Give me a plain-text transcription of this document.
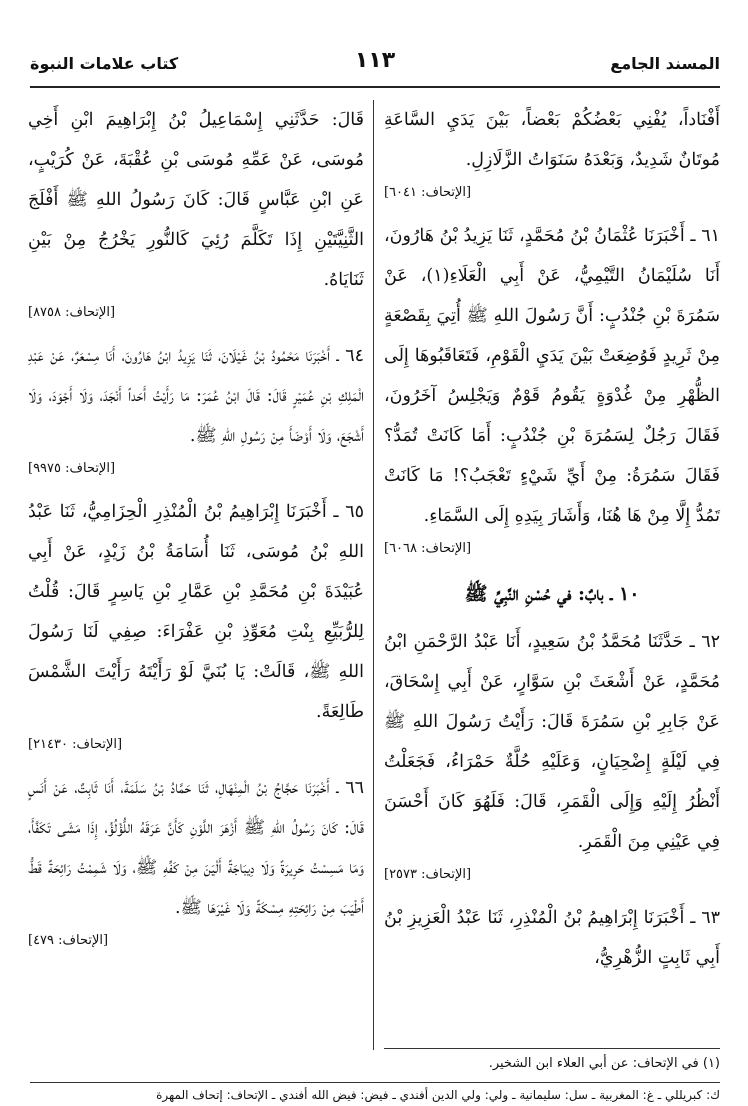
المسند الجامع
١١٣
كتاب علامات النبوة

أَفْنَاداً، يُفْنِي بَعْضُكُمْ بَعْضاً، بَيْنَ يَدَيِ السَّاعَةِ مُوتَانٌ شَدِيدٌ، وَبَعْدَهُ سَنَوَاتُ الزَّلَازِلِ.

[الإتحاف: ٦٠٤١]

٦١ ـ أَخْبَرَنَا عُثْمَانُ بْنُ مُحَمَّدٍ، ثَنَا يَزِيدُ بْنُ هَارُونَ، أَنَا سُلَيْمَانُ التَّيْمِيُّ، عَنْ أَبِي الْعَلَاءِ(١)، عَنْ سَمُرَةَ بْنِ جُنْدُبٍ: أَنَّ رَسُولَ اللهِ ﷺ أُتِيَ بِقَصْعَةٍ مِنْ ثَرِيدٍ فَوُضِعَتْ بَيْنَ يَدَيِ الْقَوْمِ، فَتَعَاقَبُوهَا إِلَى الظُّهْرِ مِنْ غُدْوَةٍ يَقُومُ قَوْمٌ وَيَجْلِسُ آخَرُونَ، فَقَالَ رَجُلٌ لِسَمُرَةَ بْنِ جُنْدُبٍ: أَمَا كَانَتْ تُمَدُّ؟ فَقَالَ سَمُرَةُ: مِنْ أَيِّ شَيْءٍ تَعْجَبُ؟! مَا كَانَتْ تَمُدُّ إِلَّا مِنْ هَا هُنَا، وَأَشَارَ بِيَدِهِ إِلَى السَّمَاءِ.

[الإتحاف: ٦٠٦٨]

١٠ ـ بابٌ: في حُسْنِ النَّبِيِّ ﷺ

٦٢ ـ حَدَّثَنَا مُحَمَّدُ بْنُ سَعِيدٍ، أَنَا عَبْدُ الرَّحْمَنِ ابْنُ مُحَمَّدٍ، عَنْ أَشْعَثَ بْنِ سَوَّارٍ، عَنْ أَبِي إِسْحَاقَ، عَنْ جَابِرِ بْنِ سَمُرَةَ قَالَ: رَأَيْتُ رَسُولَ اللهِ ﷺ فِي لَيْلَةٍ إِضْحِيَانٍ، وَعَلَيْهِ حُلَّةٌ حَمْرَاءُ، فَجَعَلْتُ أَنْظُرُ إِلَيْهِ وَإِلَى الْقَمَرِ، قَالَ: فَلَهُوَ كَانَ أَحْسَنَ فِي عَيْنِي مِنَ الْقَمَرِ.

[الإتحاف: ٢٥٧٣]

٦٣ ـ أَخْبَرَنَا إِبْرَاهِيمُ بْنُ الْمُنْذِرِ، ثَنَا عَبْدُ الْعَزِيزِ بْنُ أَبِي ثَابِتٍ الزُّهْرِيُّ،

قَالَ: حَدَّثَنِي إِسْمَاعِيلُ بْنُ إِبْرَاهِيمَ ابْنِ أَخِي مُوسَى، عَنْ عَمِّهِ مُوسَى بْنِ عُقْبَةَ، عَنْ كُرَيْبٍ، عَنِ ابْنِ عَبَّاسٍ قَالَ: كَانَ رَسُولُ اللهِ ﷺ أَفْلَجَ الثَّنِيَّتَيْنِ إِذَا تَكَلَّمَ رُئِيَ كَالنُّورِ يَخْرُجُ مِنْ بَيْنِ ثَنَايَاهُ.

[الإتحاف: ٨٧٥٨]

٦٤ ـ أَخْبَرَنَا مَحْمُودُ بْنُ غَيْلَانَ، ثَنَا يَزِيدُ ابْنُ هَارُونَ، أَنَا مِسْعَرٌ، عَنْ عَبْدِ الْمَلِكِ بْنِ عُمَيْرٍ قَالَ: قَالَ ابْنُ عُمَرَ: مَا رَأَيْتُ أَحَداً أَنْجَدَ، وَلَا أَجْوَدَ، وَلَا أَشْجَعَ، وَلَا أَوْضَأَ مِنْ رَسُولِ اللهِ ﷺ.

[الإتحاف: ٩٩٧٥]

٦٥ ـ أَخْبَرَنَا إِبْرَاهِيمُ بْنُ الْمُنْذِرِ الْحِزَامِيُّ، ثَنَا عَبْدُ اللهِ بْنُ مُوسَى، ثَنَا أُسَامَةُ بْنُ زَيْدٍ، عَنْ أَبِي عُبَيْدَةَ بْنِ مُحَمَّدِ بْنِ عَمَّارِ بْنِ يَاسِرٍ قَالَ: قُلْتُ لِلرُّبَيِّعِ بِنْتِ مُعَوِّذِ بْنِ عَفْرَاءَ: صِفِي لَنَا رَسُولَ اللهِ ﷺ، قَالَتْ: يَا بُنَيَّ لَوْ رَأَيْتَهُ رَأَيْتَ الشَّمْسَ طَالِعَةً.

[الإتحاف: ٢١٤٣٠]

٦٦ ـ أَخْبَرَنَا حَجَّاجُ بْنُ الْمِنْهَالِ، ثَنَا حَمَّادُ بْنُ سَلَمَةَ، أَنَا ثَابِتٌ، عَنْ أَنَسٍ قَالَ: كَانَ رَسُولُ اللهِ ﷺ أَزْهَرَ اللَّوْنِ كَأَنَّ عَرَقَهُ اللُّؤْلُؤُ، إِذَا مَشَى تَكَفَّأَ، وَمَا مَسِسْتُ حَرِيرَةً وَلَا دِيبَاجَةً أَلْيَنَ مِنْ كَفِّهِ ﷺ، وَلَا شَمِمْتُ رَائِحَةً قَطُّ أَطْيَبَ مِنْ رَائِحَتِهِ مِسْكَةً وَلَا غَيْرَهَا ﷺ.

[الإتحاف: ٤٧٩]

(١) في الإتحاف: عن أبي العلاء ابن الشخير.
ك: كبريللي ـ غ: المغربية ـ سل: سليمانية ـ ولي: ولي الدين أفندي ـ فيض: فيض الله أفندي ـ الإتحاف: إتحاف المهرة
